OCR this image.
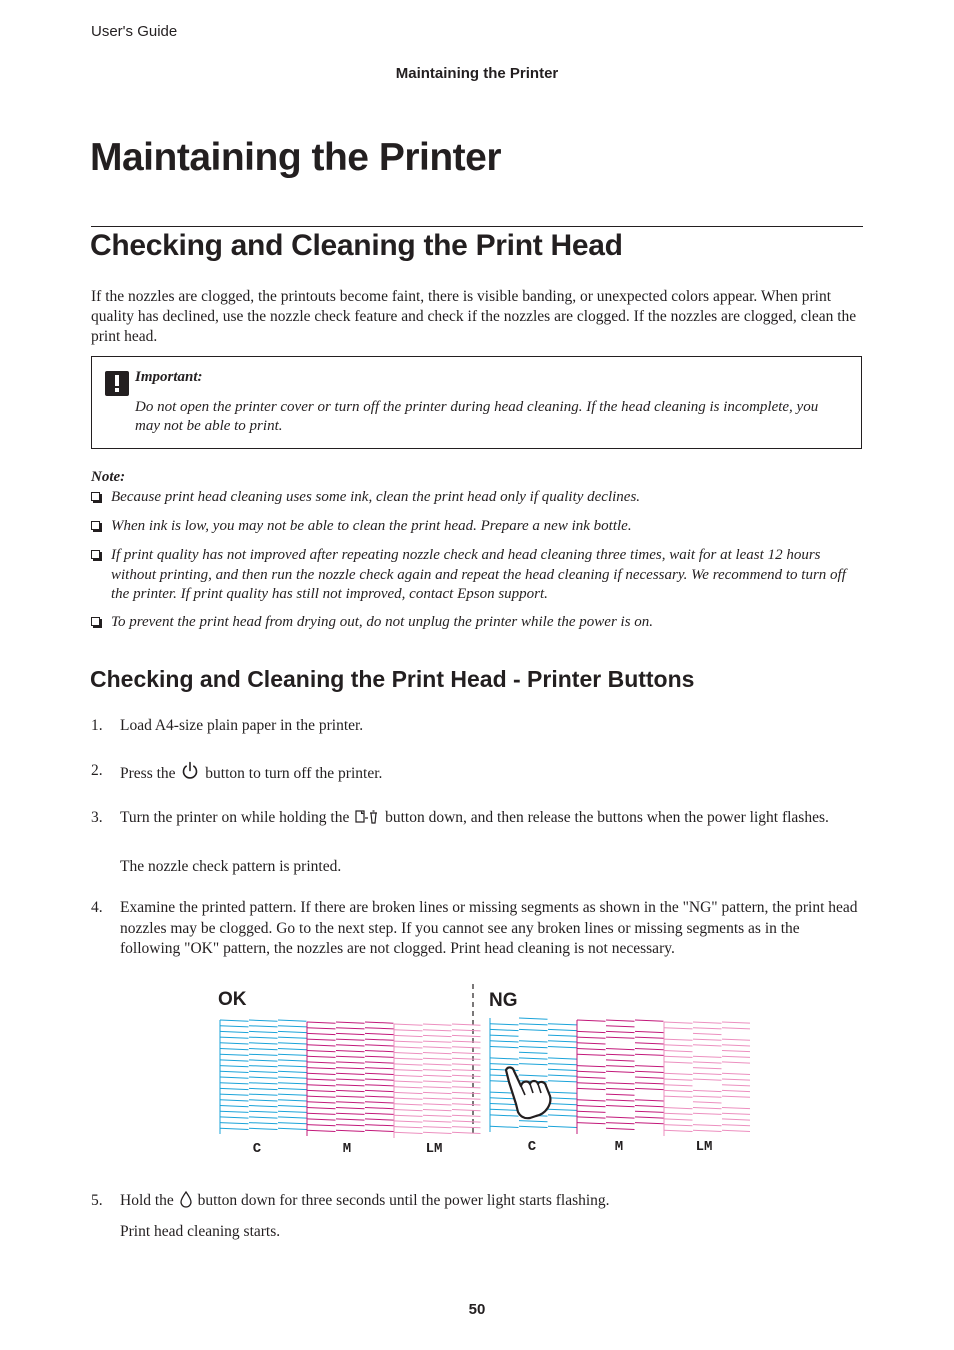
User's Guide
Maintaining the Printer
Maintaining the Printer
Checking and Cleaning the Print Head
If the nozzles are clogged, the printouts become faint, there is visible banding, or unexpected colors appear. When print quality has declined, use the nozzle check feature and check if the nozzles are clogged. If the nozzles are clogged, clean the print head.
Important:
Do not open the printer cover or turn off the printer during head cleaning. If the head cleaning is incomplete, you may not be able to print.
Note:
Because print head cleaning uses some ink, clean the print head only if quality declines.
When ink is low, you may not be able to clean the print head. Prepare a new ink bottle.
If print quality has not improved after repeating nozzle check and head cleaning three times, wait for at least 12 hours without printing, and then run the nozzle check again and repeat the head cleaning if necessary. We recommend to turn off the printer. If print quality has still not improved, contact Epson support.
To prevent the print head from drying out, do not unplug the printer while the power is on.
Checking and Cleaning the Print Head - Printer Buttons
1. Load A4-size plain paper in the printer.
2. Press the button to turn off the printer.
3. Turn the printer on while holding the button down, and then release the buttons when the power light flashes.
The nozzle check pattern is printed.
4. Examine the printed pattern. If there are broken lines or missing segments as shown in the "NG" pattern, the print head nozzles may be clogged. Go to the next step. If you cannot see any broken lines or missing segments as in the following "OK" pattern, the nozzles are not clogged. Print head cleaning is not necessary.
OK	NG
C	M	LM	C	M	LM
5. Hold the button down for three seconds until the power light starts flashing.
Print head cleaning starts.
50
